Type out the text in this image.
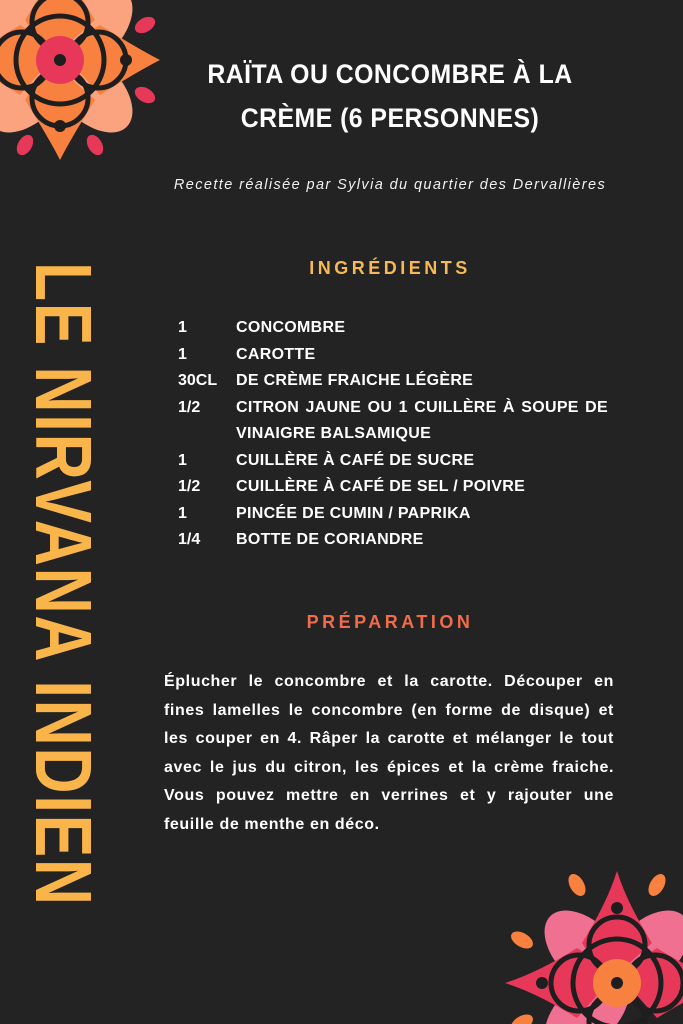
RAÏTA OU CONCOMBRE À LA CRÈME (6 PERSONNES)
Recette réalisée par Sylvia du quartier des Dervallières
LE NIRVANA INDIEN	INGRÉDIENTS
1	CONCOMBRE
1	CAROTTE
30CL	DE CRÈME FRAICHE LÉGÈRE
1/2	CITRON JAUNE OU 1 CUILLÈRE À SOUPE DE VINAIGRE BALSAMIQUE
1	CUILLÈRE À CAFÉ DE SUCRE
1/2	CUILLÈRE À CAFÉ DE SEL / POIVRE
1	PINCÉE DE CUMIN / PAPRIKA
1/4	BOTTE DE CORIANDRE
PRÉPARATION
Éplucher le concombre et la carotte. Découper en fines lamelles le concombre (en forme de disque) et les couper en 4. Râper la carotte et mélanger le tout avec le jus du citron, les épices et la crème fraiche. Vous pouvez mettre en verrines et y rajouter une feuille de menthe en déco.
